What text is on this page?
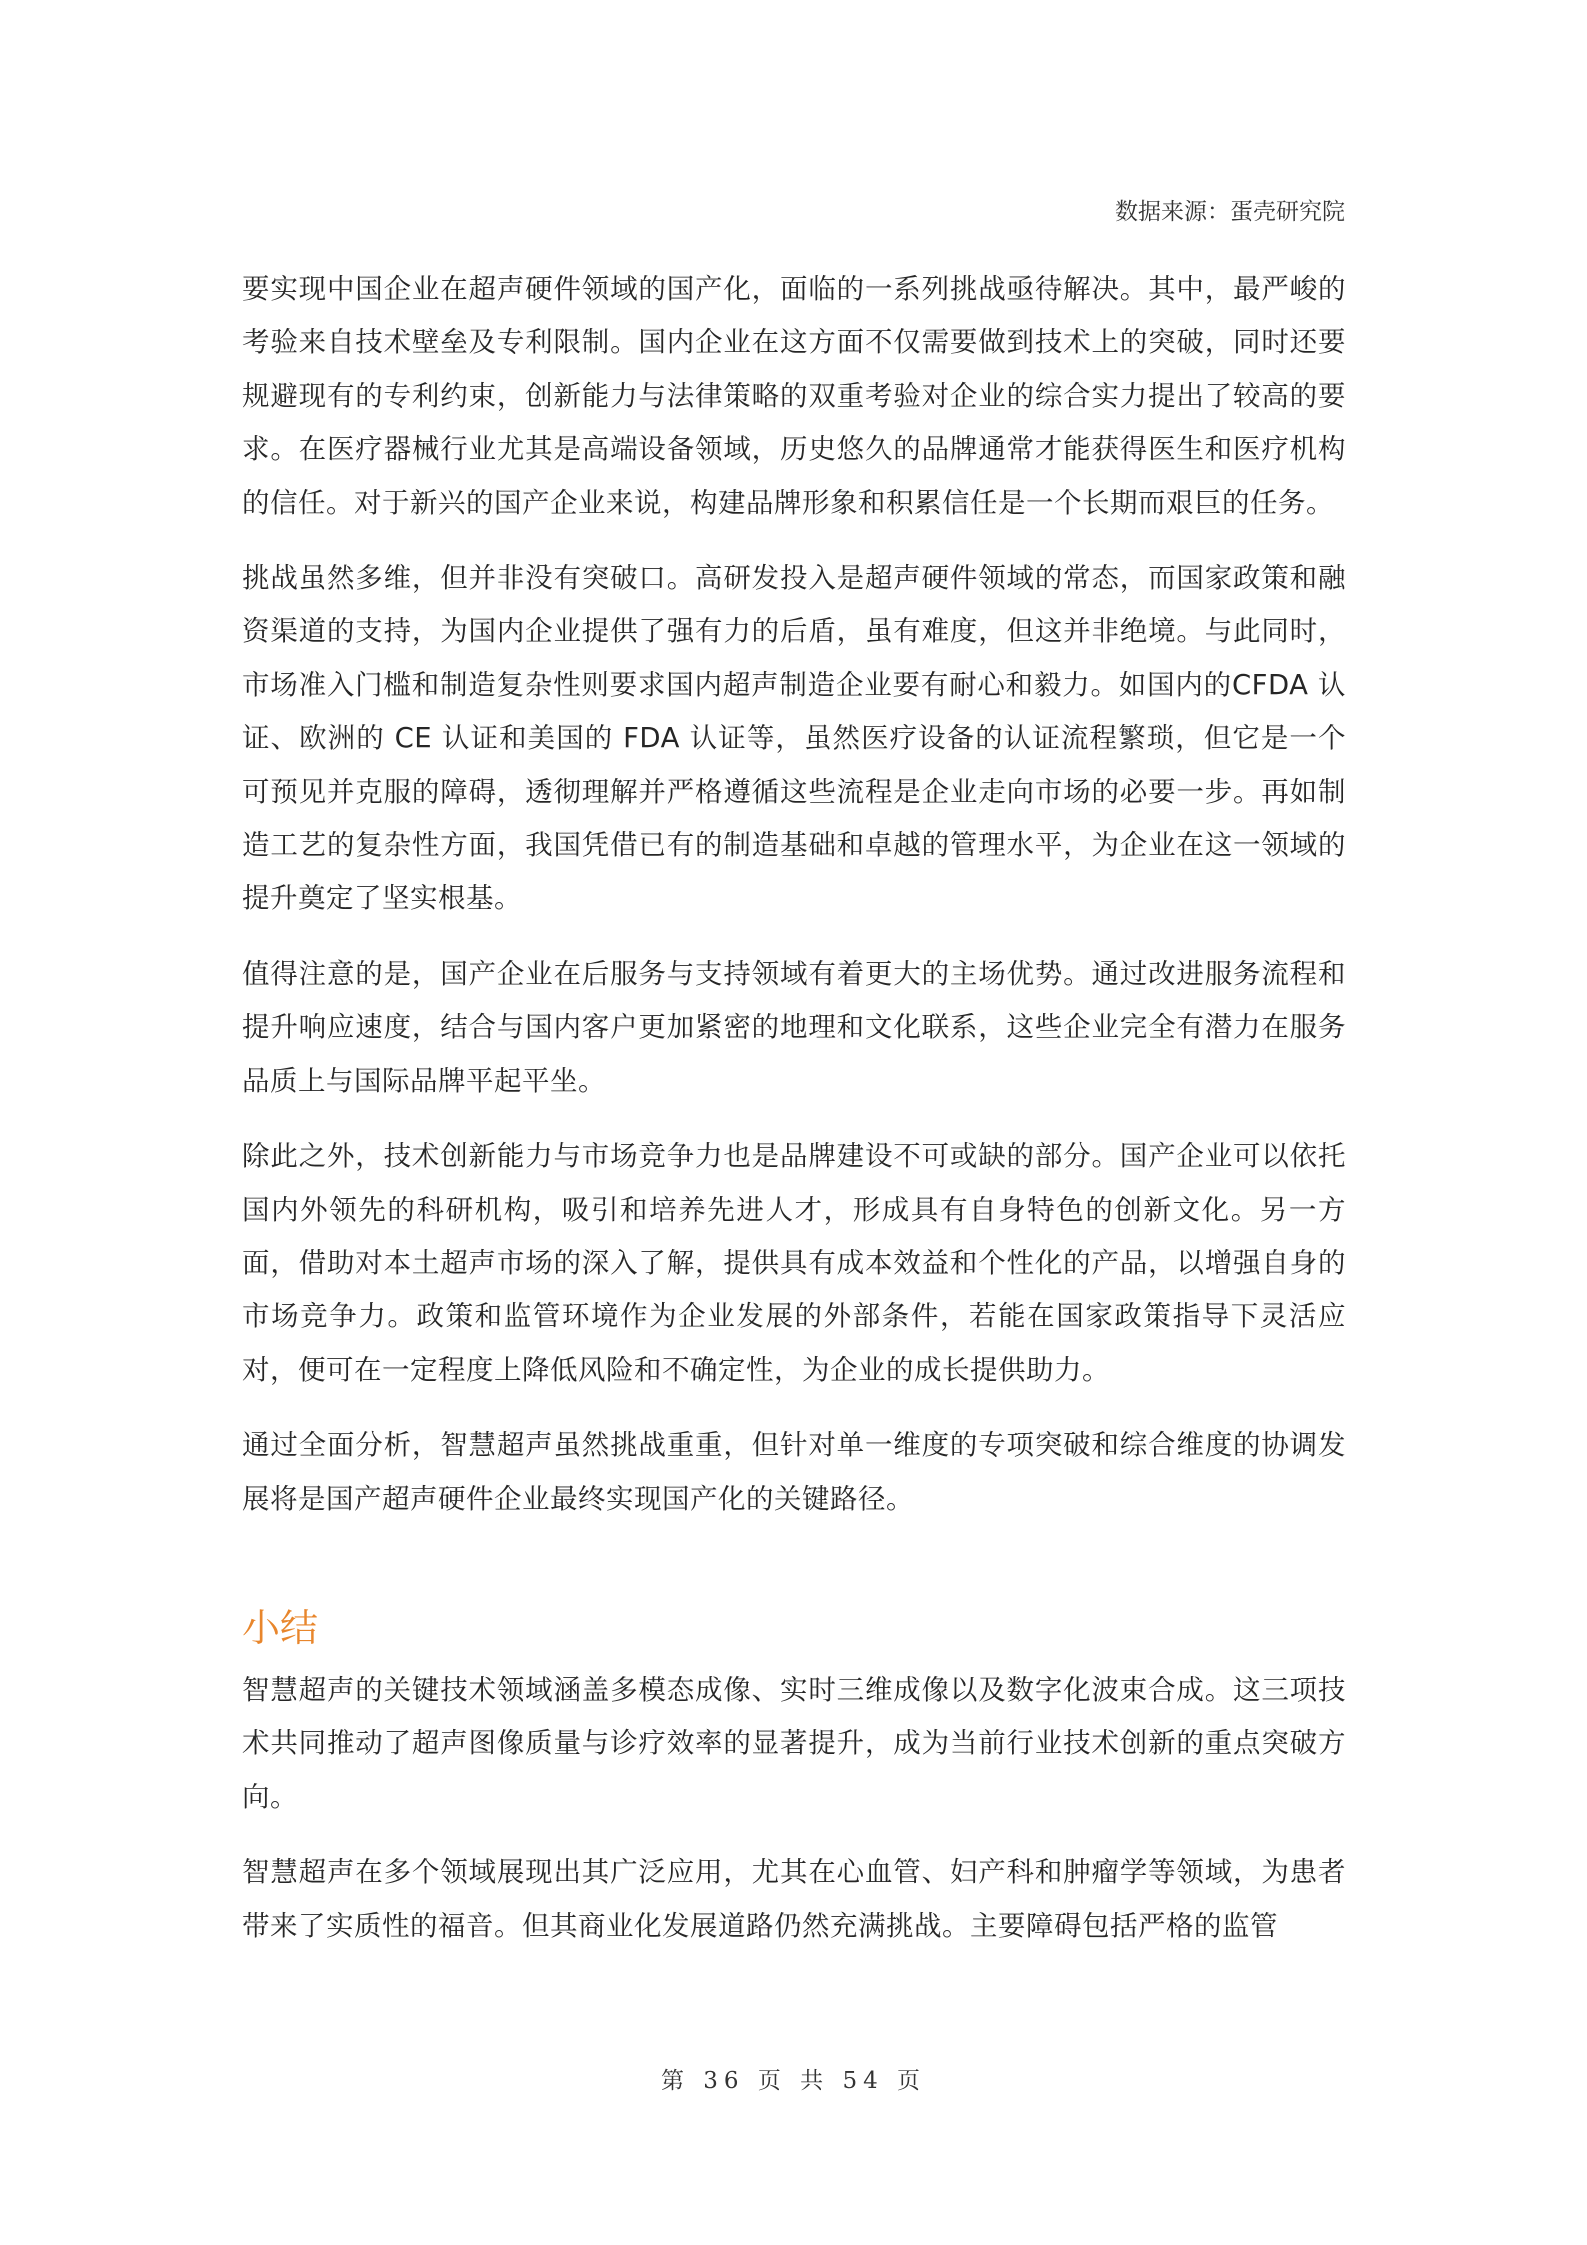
数据来源：蛋壳研究院

要实现中国企业在超声硬件领域的国产化，面临的一系列挑战亟待解决。其中，最严峻的考验来自技术壁垒及专利限制。国内企业在这方面不仅需要做到技术上的突破，同时还要规避现有的专利约束，创新能力与法律策略的双重考验对企业的综合实力提出了较高的要求。在医疗器械行业尤其是高端设备领域，历史悠久的品牌通常才能获得医生和医疗机构的信任。对于新兴的国产企业来说，构建品牌形象和积累信任是一个长期而艰巨的任务。

挑战虽然多维，但并非没有突破口。高研发投入是超声硬件领域的常态，而国家政策和融资渠道的支持，为国内企业提供了强有力的后盾，虽有难度，但这并非绝境。与此同时，市场准入门槛和制造复杂性则要求国内超声制造企业要有耐心和毅力。如国内的CFDA 认证、欧洲的 CE 认证和美国的 FDA 认证等，虽然医疗设备的认证流程繁琐，但它是一个可预见并克服的障碍，透彻理解并严格遵循这些流程是企业走向市场的必要一步。再如制造工艺的复杂性方面，我国凭借已有的制造基础和卓越的管理水平，为企业在这一领域的提升奠定了坚实根基。

值得注意的是，国产企业在后服务与支持领域有着更大的主场优势。通过改进服务流程和提升响应速度，结合与国内客户更加紧密的地理和文化联系，这些企业完全有潜力在服务品质上与国际品牌平起平坐。

除此之外，技术创新能力与市场竞争力也是品牌建设不可或缺的部分。国产企业可以依托国内外领先的科研机构，吸引和培养先进人才，形成具有自身特色的创新文化。另一方面，借助对本土超声市场的深入了解，提供具有成本效益和个性化的产品，以增强自身的市场竞争力。政策和监管环境作为企业发展的外部条件，若能在国家政策指导下灵活应对，便可在一定程度上降低风险和不确定性，为企业的成长提供助力。

通过全面分析，智慧超声虽然挑战重重，但针对单一维度的专项突破和综合维度的协调发展将是国产超声硬件企业最终实现国产化的关键路径。

小结

智慧超声的关键技术领域涵盖多模态成像、实时三维成像以及数字化波束合成。这三项技术共同推动了超声图像质量与诊疗效率的显著提升，成为当前行业技术创新的重点突破方向。

智慧超声在多个领域展现出其广泛应用，尤其在心血管、妇产科和肿瘤学等领域，为患者带来了实质性的福音。但其商业化发展道路仍然充满挑战。主要障碍包括严格的监管

第 36 页 共 54 页
